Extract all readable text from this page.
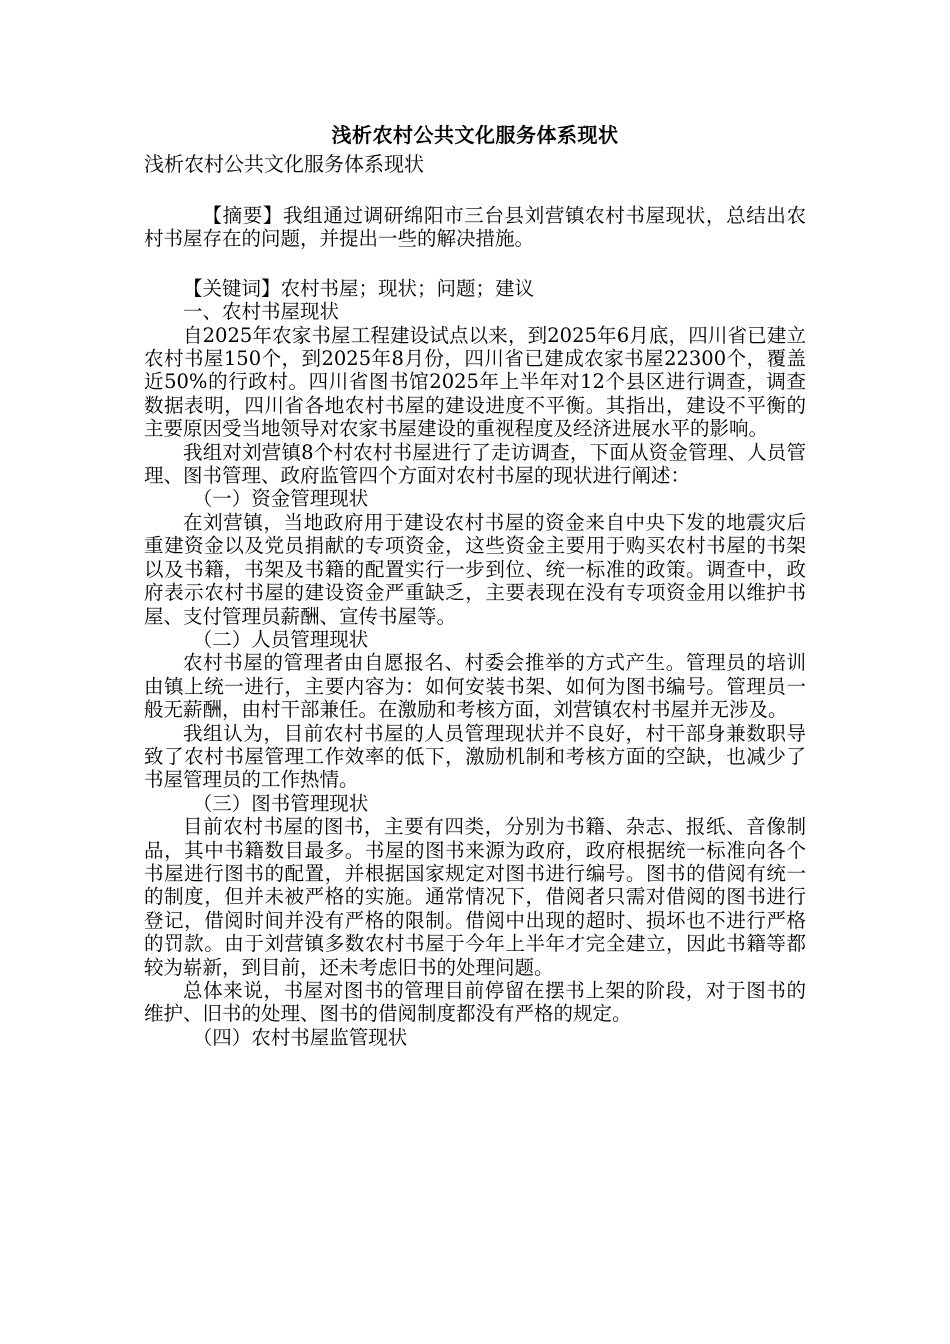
浅析农村公共文化服务体系现状

浅析农村公共文化服务体系现状

【摘要】我组通过调研绵阳市三台县刘营镇农村书屋现状，总结出农村书屋存在的问题，并提出一些的解决措施。

【关键词】农村书屋；现状；问题；建议

一、农村书屋现状

自2025年农家书屋工程建设试点以来，到2025年6月底，四川省已建立农村书屋150个，到2025年8月份，四川省已建成农家书屋22300个，覆盖近50%的行政村。四川省图书馆2025年上半年对12个县区进行调查，调查数据表明，四川省各地农村书屋的建设进度不平衡。其指出，建设不平衡的主要原因受当地领导对农家书屋建设的重视程度及经济进展水平的影响。

我组对刘营镇8个村农村书屋进行了走访调查，下面从资金管理、人员管理、图书管理、政府监管四个方面对农村书屋的现状进行阐述：

（一）资金管理现状

在刘营镇，当地政府用于建设农村书屋的资金来自中央下发的地震灾后重建资金以及党员捐献的专项资金，这些资金主要用于购买农村书屋的书架以及书籍，书架及书籍的配置实行一步到位、统一标准的政策。调查中，政府表示农村书屋的建设资金严重缺乏，主要表现在没有专项资金用以维护书屋、支付管理员薪酬、宣传书屋等。

（二）人员管理现状

农村书屋的管理者由自愿报名、村委会推举的方式产生。管理员的培训由镇上统一进行，主要内容为：如何安装书架、如何为图书编号。管理员一般无薪酬，由村干部兼任。在激励和考核方面，刘营镇农村书屋并无涉及。

我组认为，目前农村书屋的人员管理现状并不良好，村干部身兼数职导致了农村书屋管理工作效率的低下，激励机制和考核方面的空缺，也减少了书屋管理员的工作热情。

（三）图书管理现状

目前农村书屋的图书，主要有四类，分别为书籍、杂志、报纸、音像制品，其中书籍数目最多。书屋的图书来源为政府，政府根据统一标准向各个书屋进行图书的配置，并根据国家规定对图书进行编号。图书的借阅有统一的制度，但并未被严格的实施。通常情况下，借阅者只需对借阅的图书进行登记，借阅时间并没有严格的限制。借阅中出现的超时、损坏也不进行严格的罚款。由于刘营镇多数农村书屋于今年上半年才完全建立，因此书籍等都较为崭新，到目前，还未考虑旧书的处理问题。

总体来说，书屋对图书的管理目前停留在摆书上架的阶段，对于图书的维护、旧书的处理、图书的借阅制度都没有严格的规定。

（四）农村书屋监管现状
